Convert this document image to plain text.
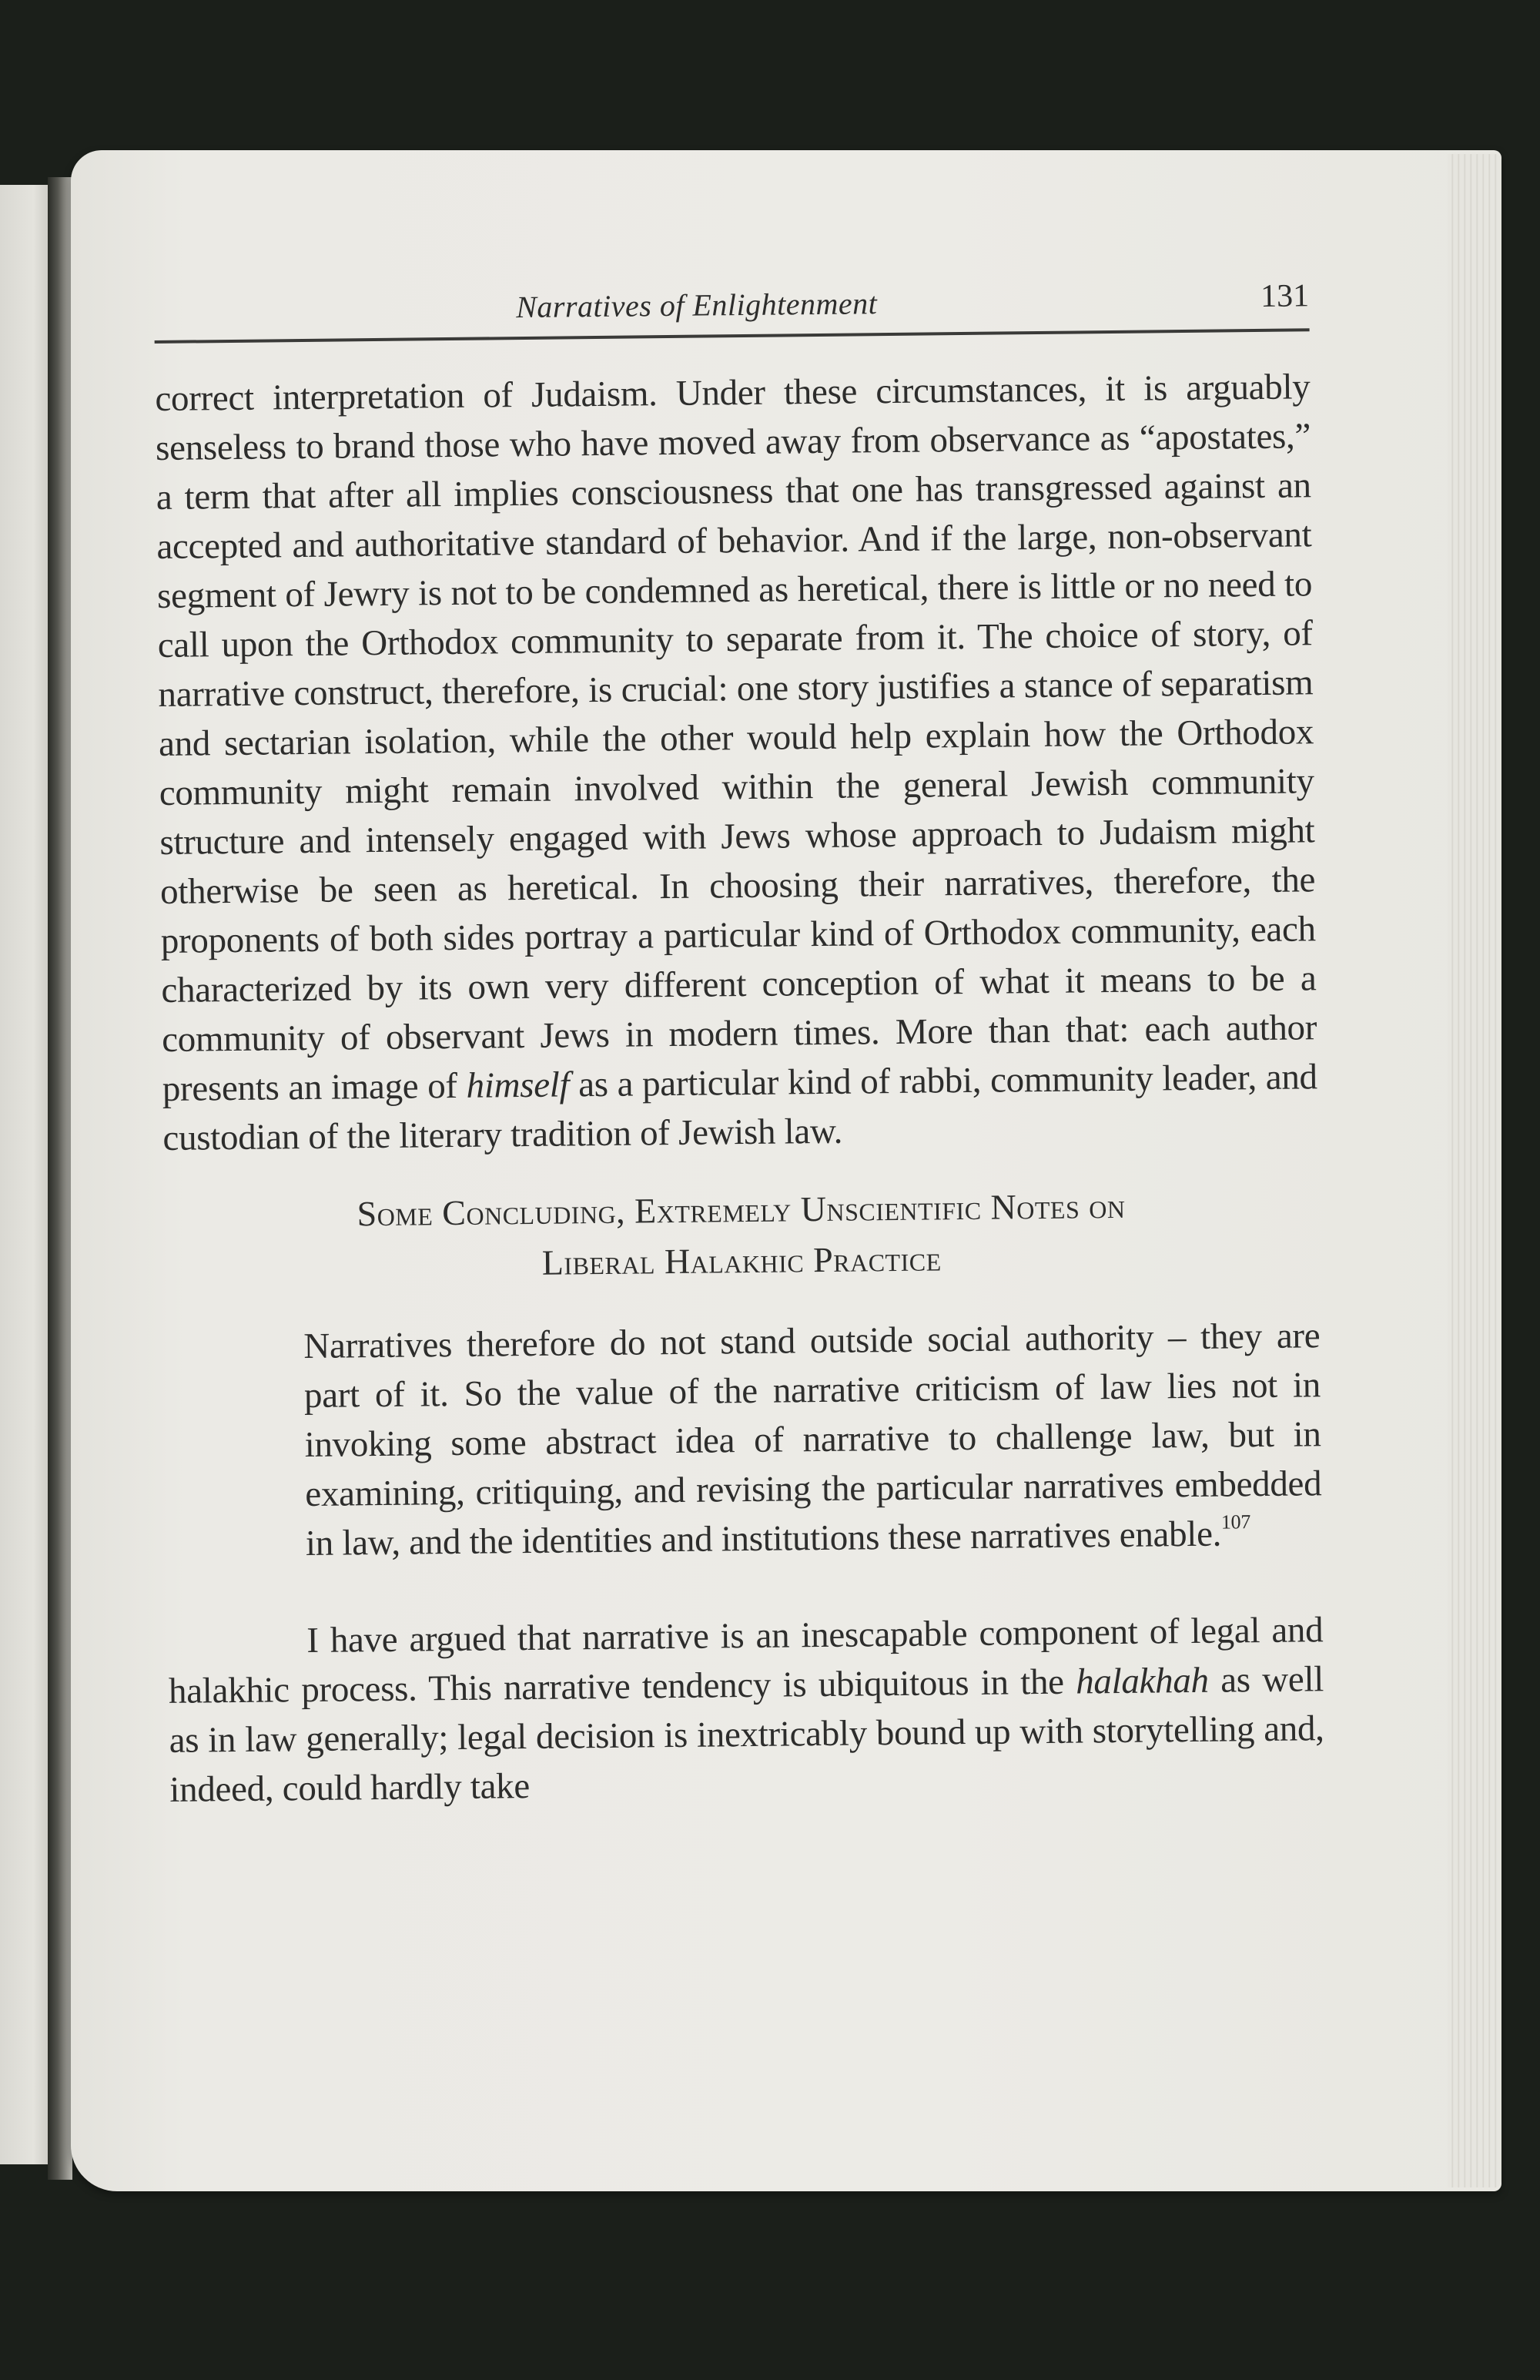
Narratives of Enlightenment	131

correct interpretation of Judaism. Under these circumstances, it is arguably senseless to brand those who have moved away from observance as “apostates,” a term that after all implies consciousness that one has transgressed against an accepted and authoritative standard of behavior. And if the large, non-observant segment of Jewry is not to be condemned as heretical, there is little or no need to call upon the Orthodox community to separate from it. The choice of story, of narrative construct, therefore, is crucial: one story justifies a stance of separatism and sectarian isolation, while the other would help explain how the Orthodox community might remain involved within the general Jewish community structure and intensely engaged with Jews whose approach to Judaism might otherwise be seen as heretical. In choosing their narratives, therefore, the proponents of both sides portray a particular kind of Orthodox community, each characterized by its own very different conception of what it means to be a community of observant Jews in modern times. More than that: each author presents an image of himself as a particular kind of rabbi, community leader, and custodian of the literary tradition of Jewish law.

Some Concluding, Extremely Unscientific Notes on
Liberal Halakhic Practice
Narratives therefore do not stand outside social authority – they are part of it. So the value of the narrative criticism of law lies not in invoking some abstract idea of narrative to challenge law, but in examining, critiquing, and revising the particular narratives embedded in law, and the identities and institutions these narratives enable.$^{107}$

I have argued that narrative is an inescapable component of legal and halakhic process. This narrative tendency is ubiquitous in the halakhah as well as in law generally; legal decision is inextricably bound up with storytelling and, indeed, could hardly take
